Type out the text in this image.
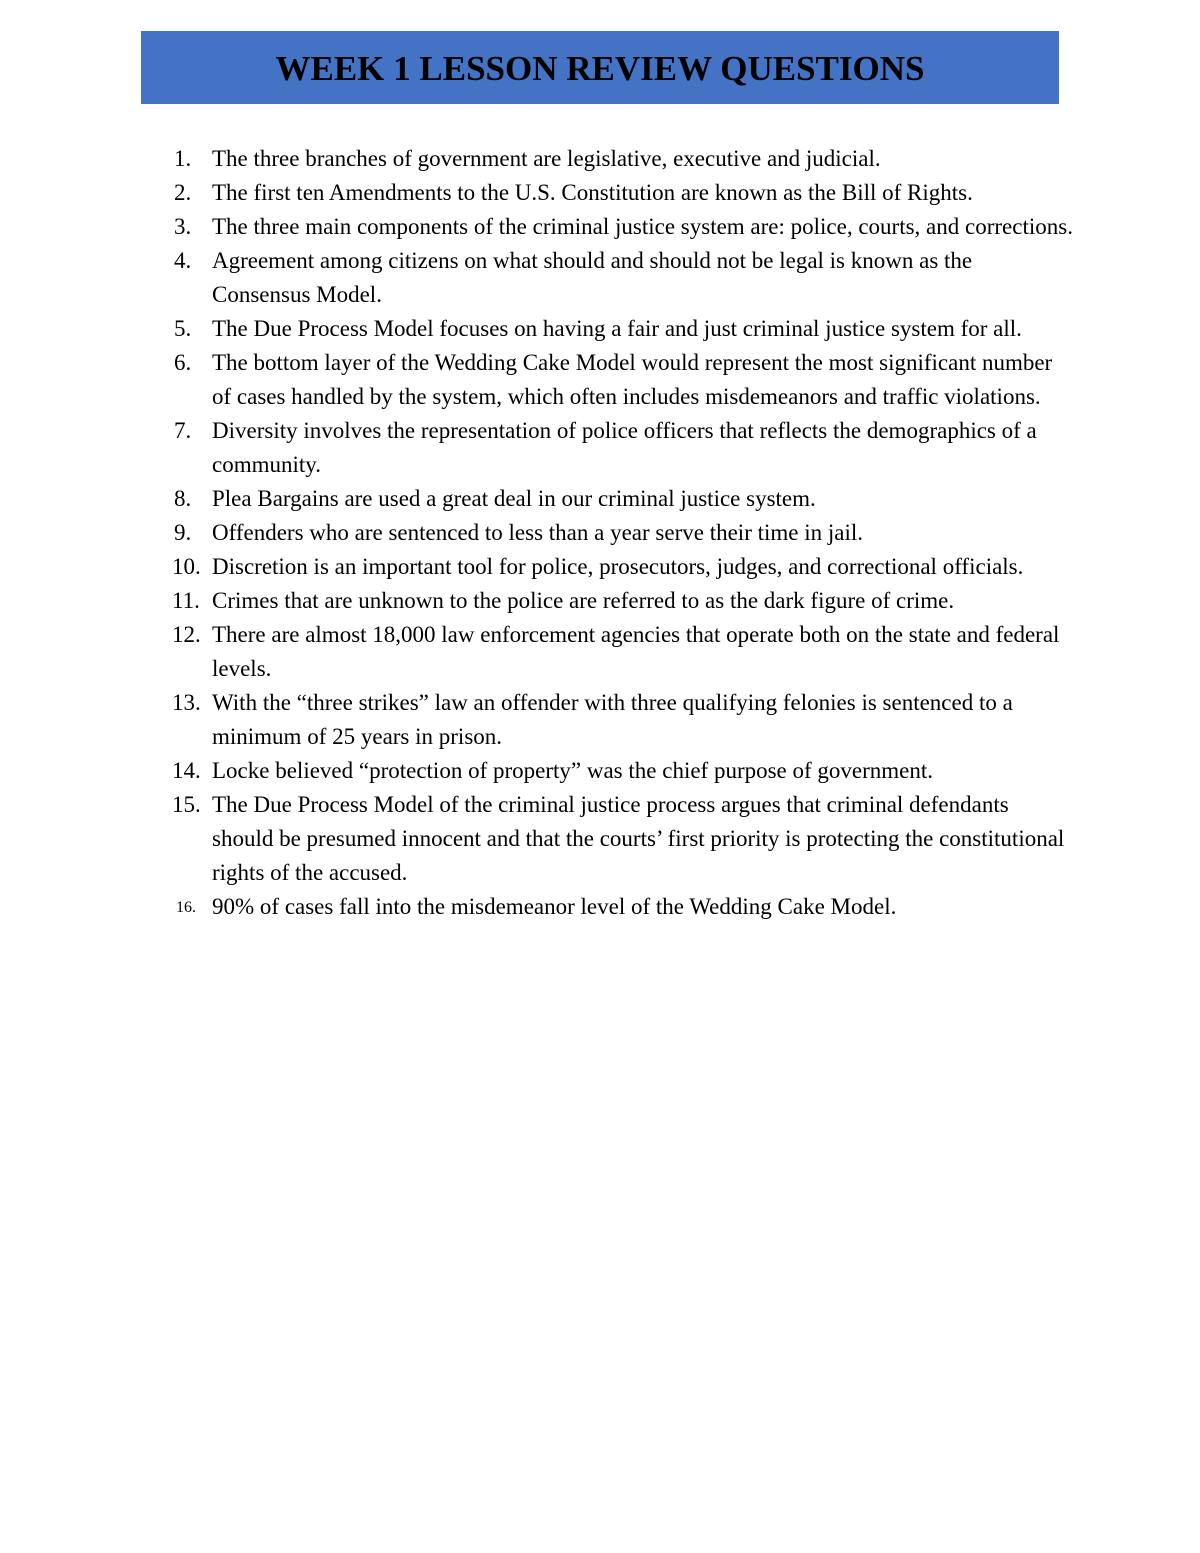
WEEK 1 LESSON REVIEW QUESTIONS
1. The three branches of government are legislative, executive and judicial.
2. The first ten Amendments to the U.S. Constitution are known as the Bill of Rights.
3. The three main components of the criminal justice system are: police, courts, and corrections.
4. Agreement among citizens on what should and should not be legal is known as the Consensus Model.
5. The Due Process Model focuses on having a fair and just criminal justice system for all.
6. The bottom layer of the Wedding Cake Model would represent the most significant number of cases handled by the system, which often includes misdemeanors and traffic violations.
7. Diversity involves the representation of police officers that reflects the demographics of a community.
8. Plea Bargains are used a great deal in our criminal justice system.
9. Offenders who are sentenced to less than a year serve their time in jail.
10. Discretion is an important tool for police, prosecutors, judges, and correctional officials.
11. Crimes that are unknown to the police are referred to as the dark figure of crime.
12. There are almost 18,000 law enforcement agencies that operate both on the state and federal levels.
13. With the “three strikes” law an offender with three qualifying felonies is sentenced to a minimum of 25 years in prison.
14. Locke believed “protection of property” was the chief purpose of government.
15. The Due Process Model of the criminal justice process argues that criminal defendants should be presumed innocent and that the courts’ first priority is protecting the constitutional rights of the accused.
16. 90% of cases fall into the misdemeanor level of the Wedding Cake Model.
